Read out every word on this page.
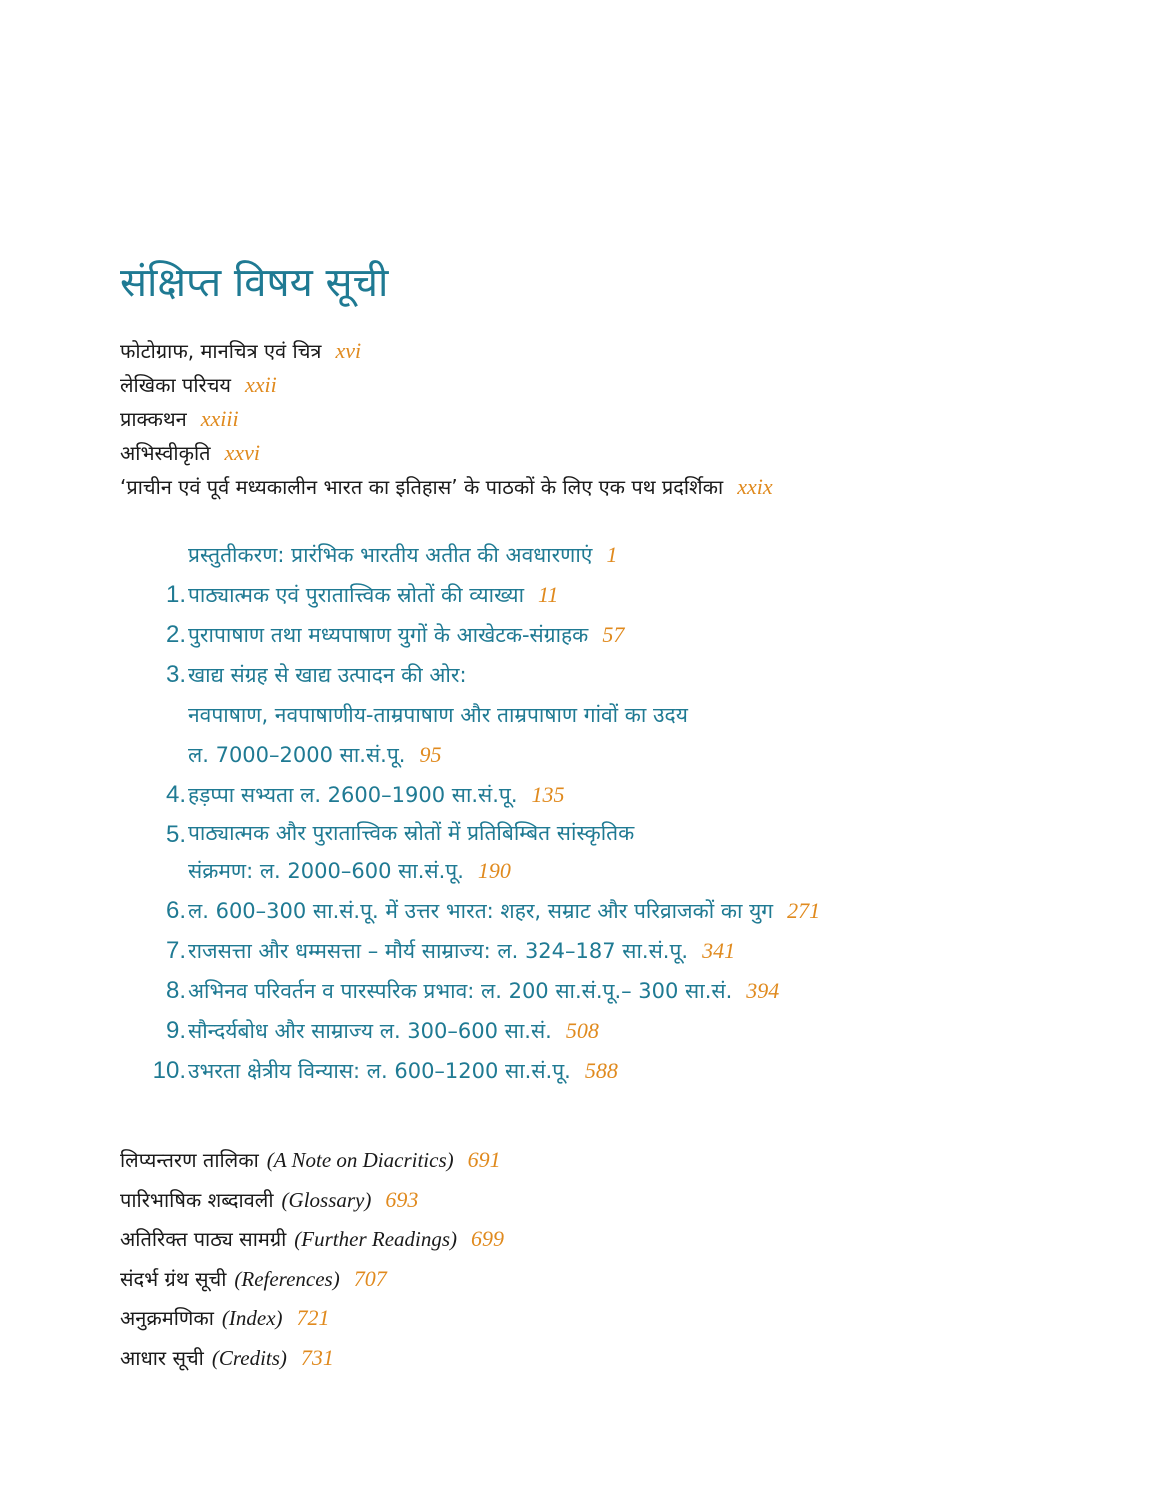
संक्षिप्त विषय सूची
फोटोग्राफ, मानचित्र एवं चित्र xvi
लेखिका परिचय xxii
प्राक्कथन xxiii
अभिस्वीकृति xxvi
‘प्राचीन एवं पूर्व मध्यकालीन भारत का इतिहास’ के पाठकों के लिए एक पथ प्रदर्शिका xxix
प्रस्तुतीकरण: प्रारंभिक भारतीय अतीत की अवधारणाएं 1
1. पाठ्यात्मक एवं पुरातात्त्विक स्रोतों की व्याख्या 11
2. पुरापाषाण तथा मध्यपाषाण युगों के आखेटक-संग्राहक 57
3. खाद्य संग्रह से खाद्य उत्पादन की ओर:
नवपाषाण, नवपाषाणीय-ताम्रपाषाण और ताम्रपाषाण गांवों का उदय
ल. 7000–2000 सा.सं.पू. 95
4. हड़प्पा सभ्यता ल. 2600–1900 सा.सं.पू. 135
5. पाठ्यात्मक और पुरातात्त्विक स्रोतों में प्रतिबिम्बित सांस्कृतिक
संक्रमण: ल. 2000–600 सा.सं.पू. 190
6. ल. 600–300 सा.सं.पू. में उत्तर भारत: शहर, सम्राट और परिव्राजकों का युग 271
7. राजसत्ता और धम्मसत्ता – मौर्य साम्राज्य: ल. 324–187 सा.सं.पू. 341
8. अभिनव परिवर्तन व पारस्परिक प्रभाव: ल. 200 सा.सं.पू.– 300 सा.सं. 394
9. सौन्दर्यबोध और साम्राज्य ल. 300–600 सा.सं. 508
10. उभरता क्षेत्रीय विन्यास: ल. 600–1200 सा.सं.पू. 588
लिप्यन्तरण तालिका (A Note on Diacritics) 691
पारिभाषिक शब्दावली (Glossary) 693
अतिरिक्त पाठ्य सामग्री (Further Readings) 699
संदर्भ ग्रंथ सूची (References) 707
अनुक्रमणिका (Index) 721
आधार सूची (Credits) 731
